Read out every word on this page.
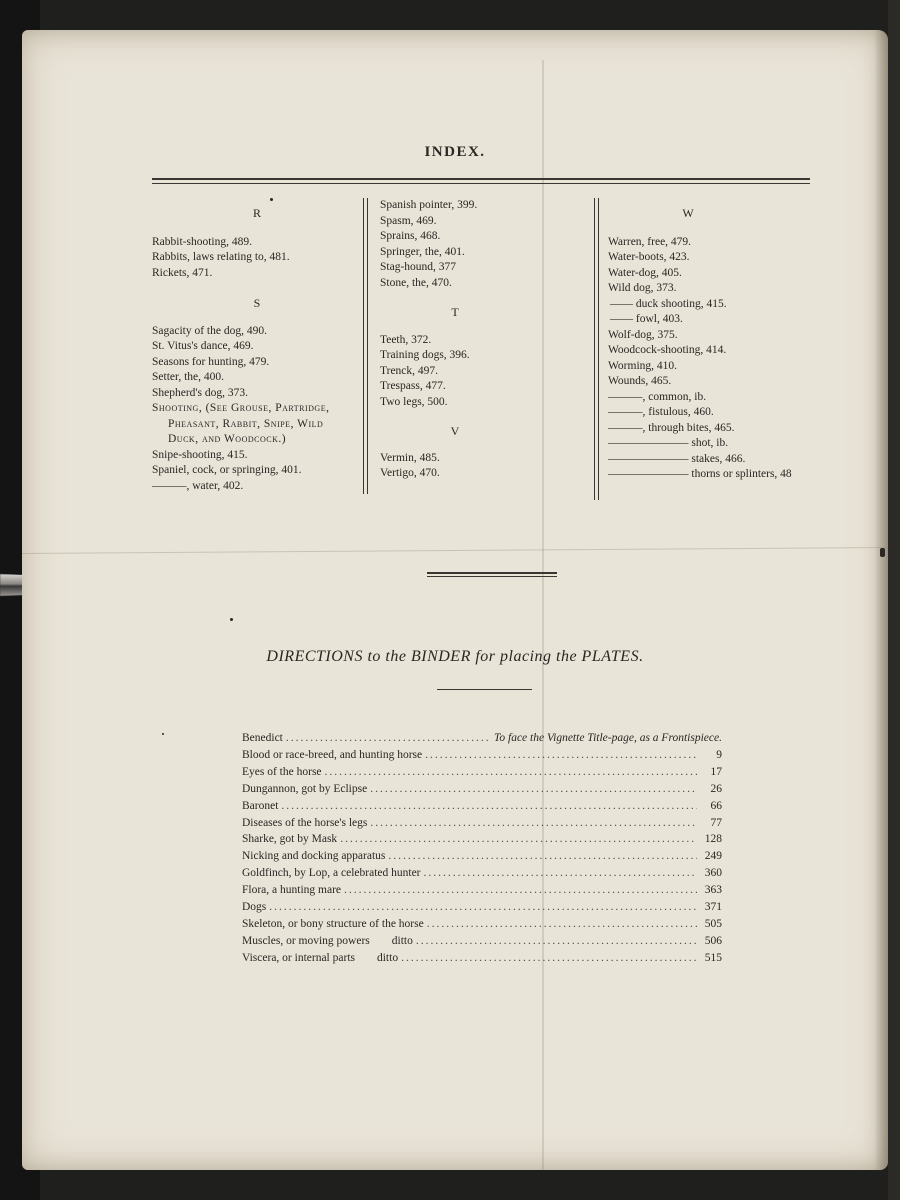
INDEX.
R
Rabbit-shooting, 489.
Rabbits, laws relating to, 481.
Rickets, 471.
S
Sagacity of the dog, 490.
St. Vitus's dance, 469.
Seasons for hunting, 479.
Setter, the, 400.
Shepherd's dog, 373.
Shooting, (See Grouse, Partridge,
Pheasant, Rabbit, Snipe, Wild
Duck, and Woodcock.)
Snipe-shooting, 415.
Spaniel, cock, or springing, 401.
———, water, 402.
Spanish pointer, 399.
Spasm, 469.
Sprains, 468.
Springer, the, 401.
Stag-hound, 377
Stone, the, 470.
T
Teeth, 372.
Training dogs, 396.
Trenck, 497.
Trespass, 477.
Two legs, 500.
V
Vermin, 485.
Vertigo, 470.
W
Warren, free, 479.
Water-boots, 423.
Water-dog, 405.
Wild dog, 373.
—— duck shooting, 415.
—— fowl, 403.
Wolf-dog, 375.
Woodcock-shooting, 414.
Worming, 410.
Wounds, 465.
———, common, ib.
———, fistulous, 460.
———, through bites, 465.
——————— shot, ib.
——————— stakes, 466.
——————— thorns or splinters, 48
DIRECTIONS to the BINDER for placing the PLATES.
Benedict .....	To face the Vignette Title-page, as a Frontispiece.
Blood or race-breed, and hunting horse .....	9
Eyes of the horse .....	17
Dungannon, got by Eclipse .....	26
Baronet .....	66
Diseases of the horse's legs .....	77
Sharke, got by Mask .....	128
Nicking and docking apparatus .....	249
Goldfinch, by Lop, a celebrated hunter .....	360
Flora, a hunting mare .....	363
Dogs .....	371
Skeleton, or bony structure of the horse .....	505
Muscles, or moving powers ditto .....	506
Viscera, or internal parts ditto .....	515
